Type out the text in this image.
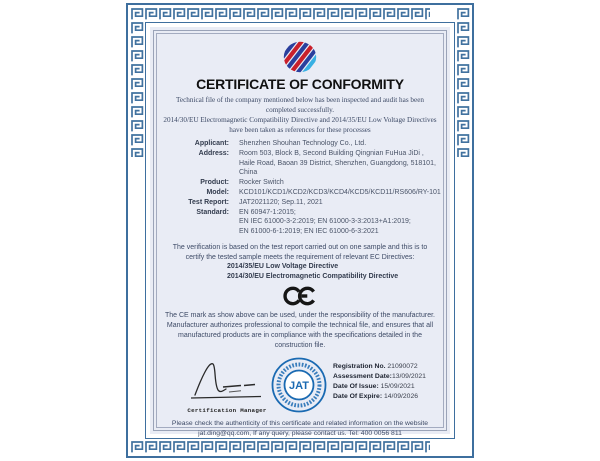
CERTIFICATE OF CONFORMITY
Technical file of the company mentioned below has been inspected and audit has been
completed successfully.
2014/30/EU Electromagnetic Compatibility Directive and 2014/35/EU Low Voltage Directives
have been taken as references for these processes
Applicant: Shenzhen Shouhan Technology Co., Ltd.
Address: Room 503, Block B, Second Building Qingnian FuHua JiDi ,
Haile Road, Baoan 39 District, Shenzhen, Guangdong, 518101, China
Product: Rocker Switch
Model: KCD101/KCD1/KCD2/KCD3/KCD4/KCD5/KCD11/RS606/RY-101
Test Report: JAT2021120; Sep.11, 2021
Standard: EN 60947-1:2015;
EN IEC 61000-3-2:2019; EN 61000-3-3:2013+A1:2019;
EN 61000-6-1:2019; EN IEC 61000-6-3:2021
The verification is based on the test report carried out on one sample and this is to
certify the tested sample meets the requirement of relevant EC Directives:
2014/35/EU Low Voltage Directive
2014/30/EU Electromagnetic Compatibility Directive
The CE mark as show above can be used, under the responsibility of the manufacturer.
Manufacturer authorizes professional to compile the technical file, and ensures that all
manufactured products are in compliance with the specifications detailed in the
construction file.
Certification Manager
JAT
Registration No. 21090072
Assessment Date:13/09/2021
Date Of Issue: 15/09/2021
Date Of Expire: 14/09/2026
Please check the authenticity of this certificate and related information on the website
jat.ding@qq.com, If any query, please contact us. Tel: 400 0056 811
